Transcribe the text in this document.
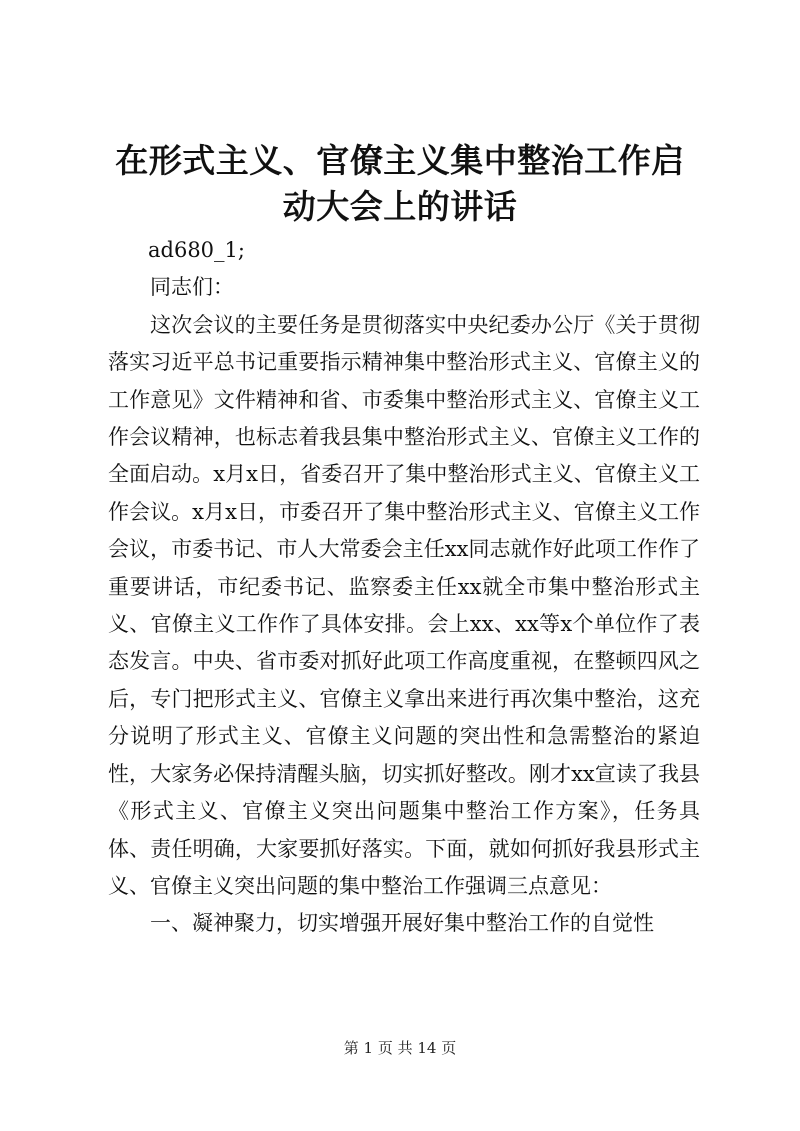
在形式主义、官僚主义集中整治工作启动大会上的讲话

ad680_1;

同志们：

这次会议的主要任务是贯彻落实中央纪委办公厅《关于贯彻落实习近平总书记重要指示精神集中整治形式主义、官僚主义的工作意见》文件精神和省、市委集中整治形式主义、官僚主义工作会议精神，也标志着我县集中整治形式主义、官僚主义工作的全面启动。x月x日，省委召开了集中整治形式主义、官僚主义工作会议。x月x日，市委召开了集中整治形式主义、官僚主义工作会议，市委书记、市人大常委会主任xx同志就作好此项工作作了重要讲话，市纪委书记、监察委主任xx就全市集中整治形式主义、官僚主义工作作了具体安排。会上xx、xx等x个单位作了表态发言。中央、省市委对抓好此项工作高度重视，在整顿四风之后，专门把形式主义、官僚主义拿出来进行再次集中整治，这充分说明了形式主义、官僚主义问题的突出性和急需整治的紧迫性，大家务必保持清醒头脑，切实抓好整改。刚才xx宣读了我县《形式主义、官僚主义突出问题集中整治工作方案》，任务具体、责任明确，大家要抓好落实。下面，就如何抓好我县形式主义、官僚主义突出问题的集中整治工作强调三点意见：

一、凝神聚力，切实增强开展好集中整治工作的自觉性

第 1 页 共 14 页
